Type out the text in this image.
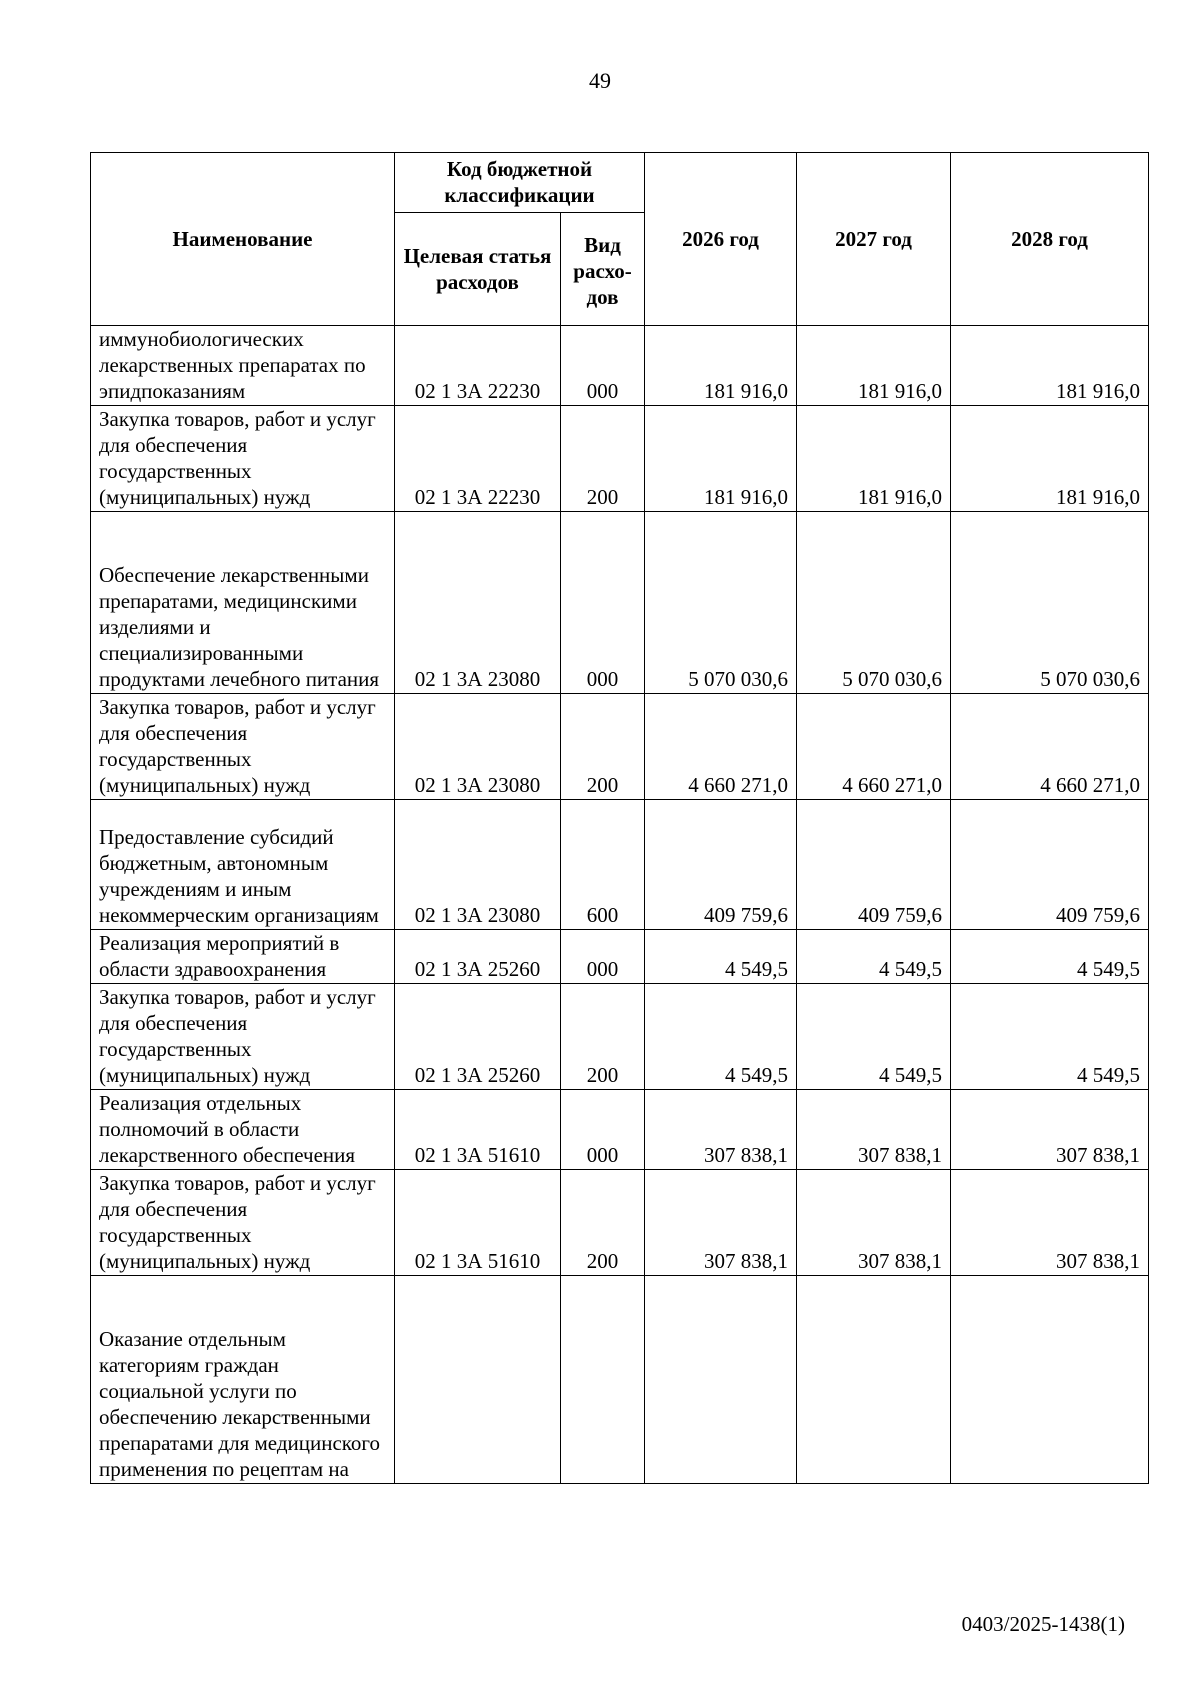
49
Наименование	Код бюджетной классификации		2026 год	2027 год	2028 год
	Целевая статья расходов	Вид расхо-дов			
иммунобиологических лекарственных препаратах по эпидпоказаниям	02 1 3А 22230	000	181 916,0	181 916,0	181 916,0
Закупка товаров, работ и услуг для обеспечения государственных (муниципальных) нужд	02 1 3А 22230	200	181 916,0	181 916,0	181 916,0
Обеспечение лекарственными препаратами, медицинскими изделиями и специализированными продуктами лечебного питания	02 1 3А 23080	000	5 070 030,6	5 070 030,6	5 070 030,6
Закупка товаров, работ и услуг для обеспечения государственных (муниципальных) нужд	02 1 3А 23080	200	4 660 271,0	4 660 271,0	4 660 271,0
Предоставление субсидий бюджетным, автономным учреждениям и иным некоммерческим организациям	02 1 3А 23080	600	409 759,6	409 759,6	409 759,6
Реализация мероприятий в области здравоохранения	02 1 3А 25260	000	4 549,5	4 549,5	4 549,5
Закупка товаров, работ и услуг для обеспечения государственных (муниципальных) нужд	02 1 3А 25260	200	4 549,5	4 549,5	4 549,5
Реализация отдельных полномочий в области лекарственного обеспечения	02 1 3А 51610	000	307 838,1	307 838,1	307 838,1
Закупка товаров, работ и услуг для обеспечения государственных (муниципальных) нужд	02 1 3А 51610	200	307 838,1	307 838,1	307 838,1
Оказание отдельным категориям граждан социальной услуги по обеспечению лекарственными препаратами для медицинского применения по рецептам на					
0403/2025-1438(1)
